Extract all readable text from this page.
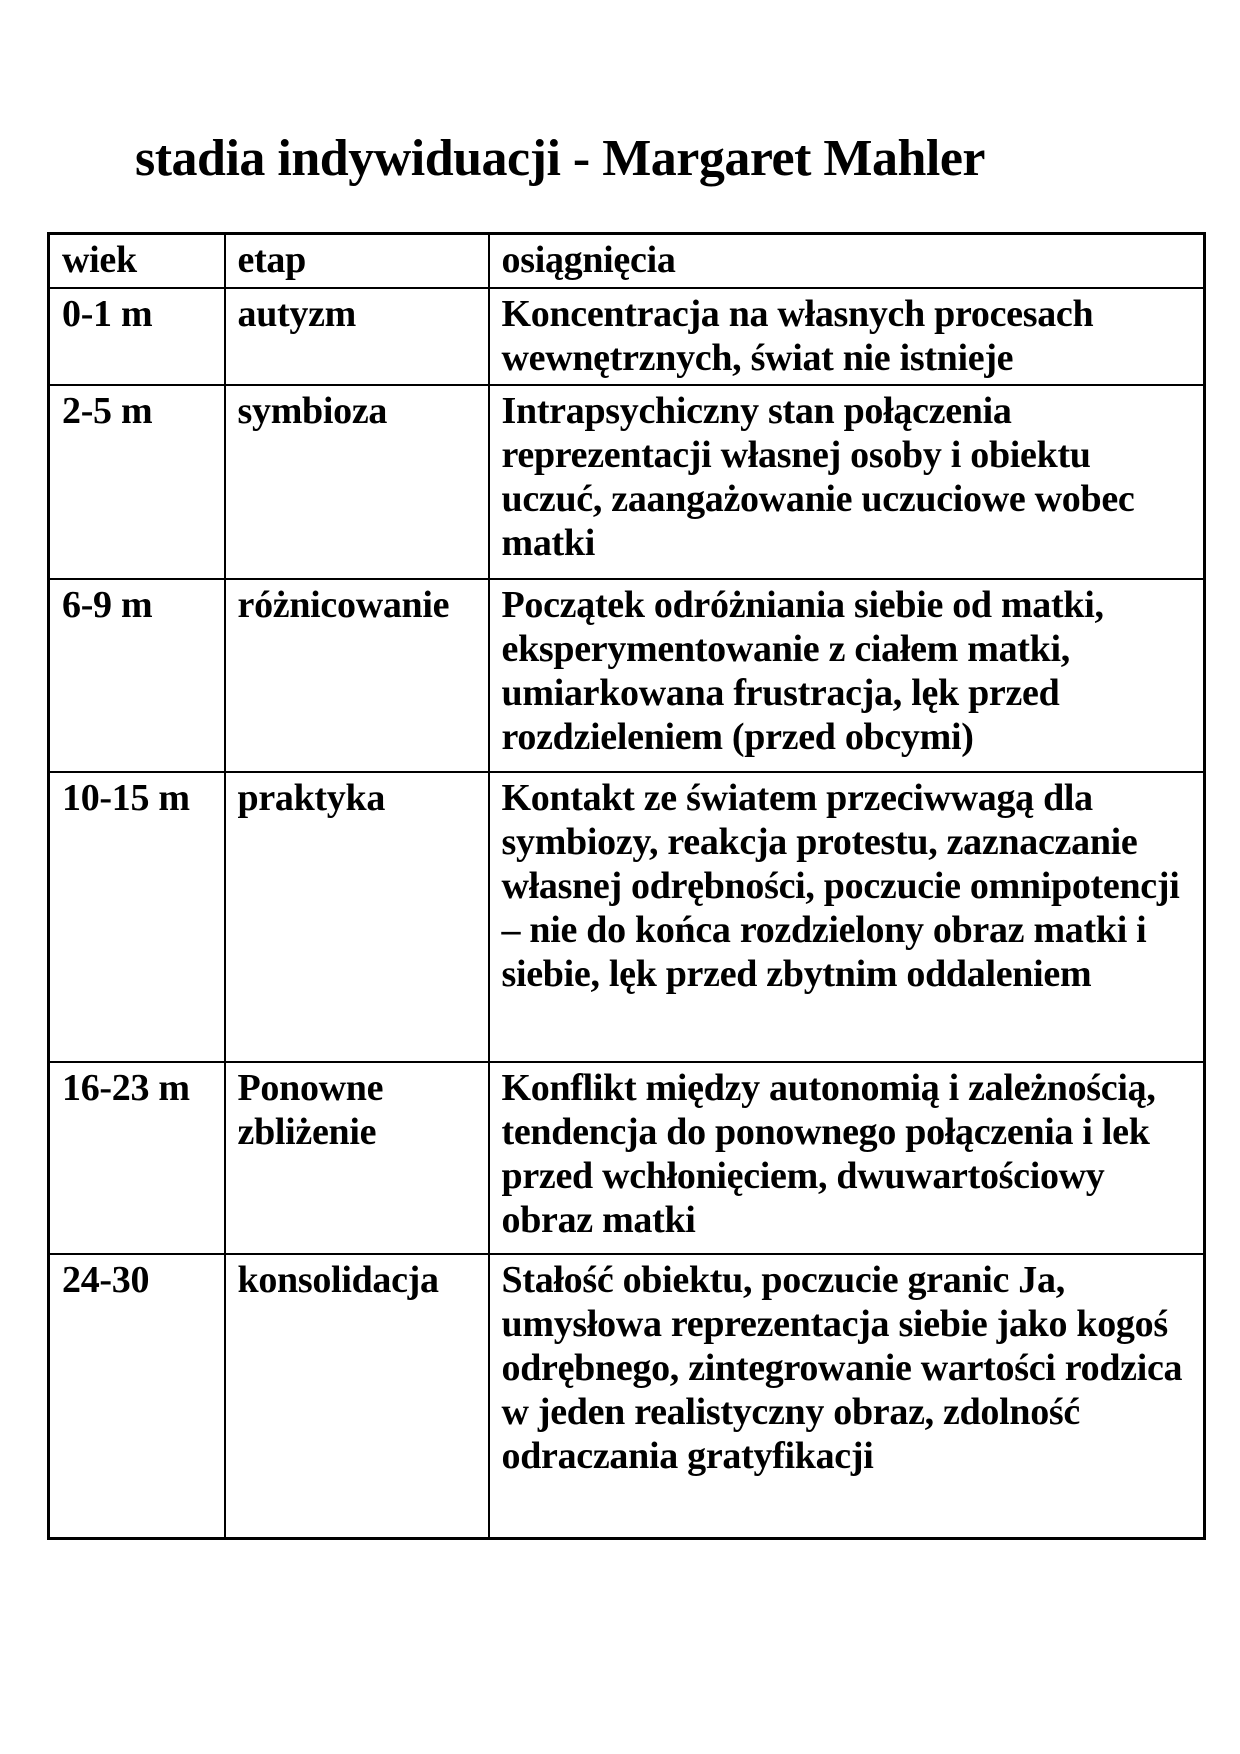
stadia indywiduacji - Margaret Mahler
wiek	etap	osiągnięcia
0-1 m	autyzm	Koncentracja na własnych procesach wewnętrznych, świat nie istnieje
2-5 m	symbioza	Intrapsychiczny stan połączenia reprezentacji własnej osoby i obiektu uczuć, zaangażowanie uczuciowe wobec matki
6-9 m	różnicowanie	Początek odróżniania siebie od matki, eksperymentowanie z ciałem matki, umiarkowana frustracja, lęk przed rozdzieleniem (przed obcymi)
10-15 m	praktyka	Kontakt ze światem przeciwwagą dla symbiozy, reakcja protestu, zaznaczanie własnej odrębności, poczucie omnipotencji – nie do końca rozdzielony obraz matki i siebie, lęk przed zbytnim oddaleniem
16-23 m	Ponowne zbliżenie	Konflikt między autonomią i zależnością, tendencja do ponownego połączenia i lek przed wchłonięciem, dwuwartościowy obraz matki
24-30	konsolidacja	Stałość obiektu, poczucie granic Ja, umysłowa reprezentacja siebie jako kogoś odrębnego, zintegrowanie wartości rodzica w jeden realistyczny obraz, zdolność odraczania gratyfikacji
